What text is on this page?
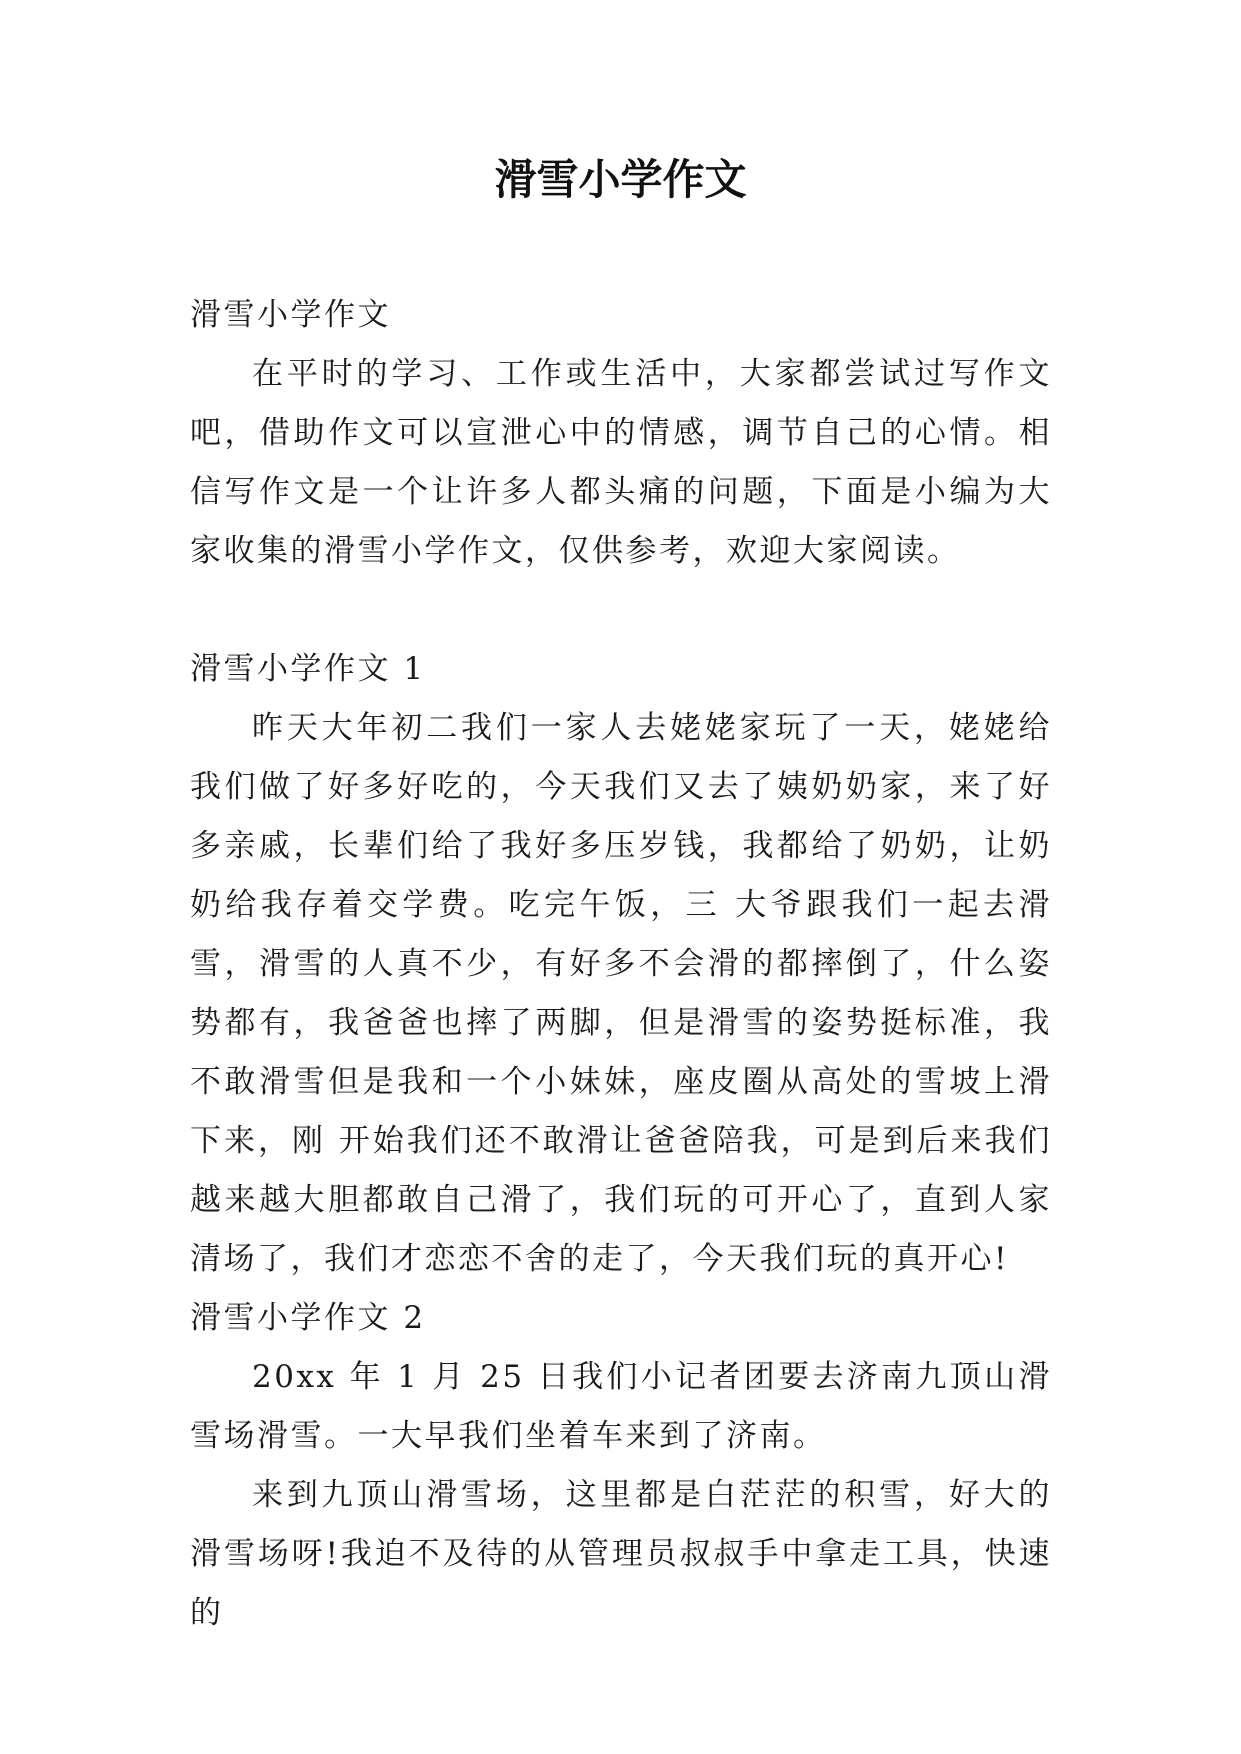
滑雪小学作文

滑雪小学作文

在平时的学习、工作或生活中，大家都尝试过写作文吧，借助作文可以宣泄心中的情感，调节自己的心情。相信写作文是一个让许多人都头痛的问题，下面是小编为大家收集的滑雪小学作文，仅供参考，欢迎大家阅读。

滑雪小学作文 1

昨天大年初二我们一家人去姥姥家玩了一天，姥姥给我们做了好多好吃的，今天我们又去了姨奶奶家，来了好多亲戚，长辈们给了我好多压岁钱，我都给了奶奶，让奶奶给我存着交学费。吃完午饭，三 大爷跟我们一起去滑雪，滑雪的人真不少，有好多不会滑的都摔倒了，什么姿势都有，我爸爸也摔了两脚，但是滑雪的姿势挺标准，我不敢滑雪但是我和一个小妹妹，座皮圈从高处的雪坡上滑下来，刚 开始我们还不敢滑让爸爸陪我，可是到后来我们越来越大胆都敢自己滑了，我们玩的可开心了，直到人家清场了，我们才恋恋不舍的走了，今天我们玩的真开心!

滑雪小学作文 2

20xx 年 1 月 25 日我们小记者团要去济南九顶山滑雪场滑雪。一大早我们坐着车来到了济南。

来到九顶山滑雪场，这里都是白茫茫的积雪，好大的滑雪场呀!我迫不及待的从管理员叔叔手中拿走工具，快速的
